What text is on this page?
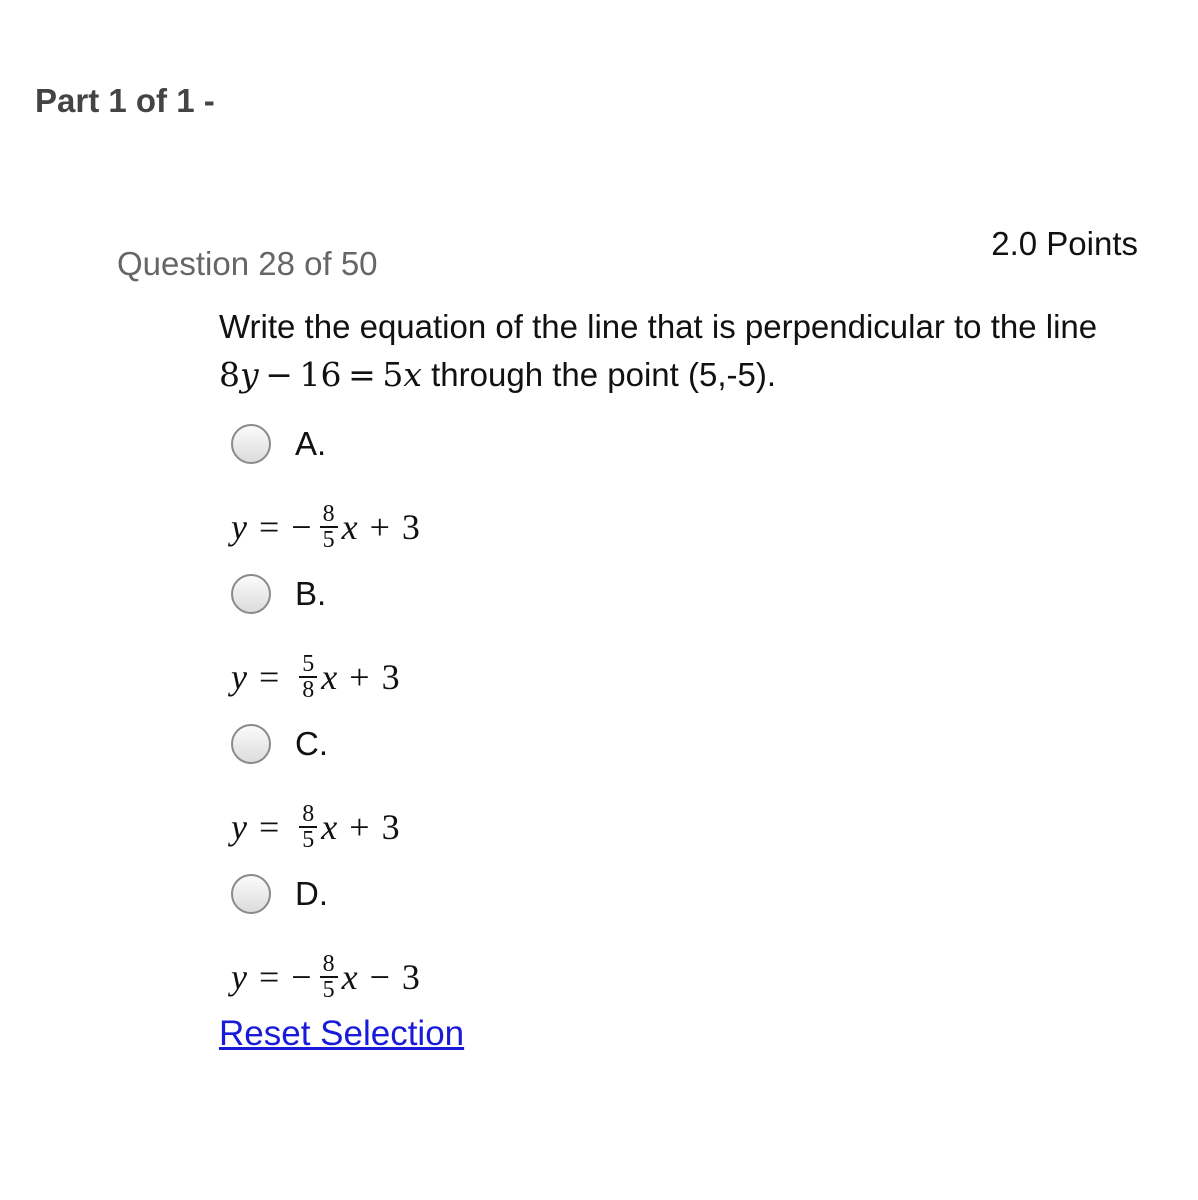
Part 1 of 1 -
Question 28 of 50
2.0 Points
Write the equation of the line that is perpendicular to the line 8y  −  16  =  5x through the point (5,-5).
A.
y = − $\frac{8}{5}$ x + 3
B.
$y = \frac{5}{8}$ x + 3
C.
$y = \frac{8}{5}$ x + 3
D.
y = − $\frac{8}{5}$ x − 3
Reset Selection
